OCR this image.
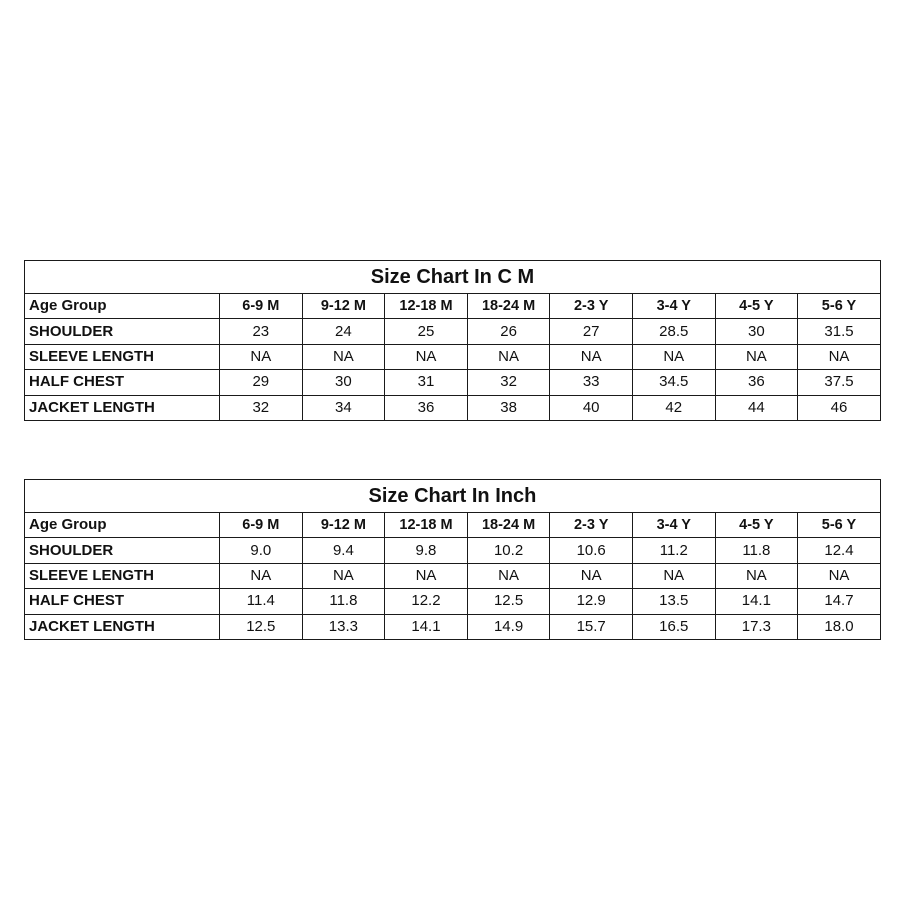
Size Chart In C M								
Age Group	6-9 M	9-12 M	12-18 M	18-24 M	2-3 Y	3-4 Y	4-5 Y	5-6 Y
SHOULDER	23	24	25	26	27	28.5	30	31.5
SLEEVE LENGTH	NA	NA	NA	NA	NA	NA	NA	NA
HALF CHEST	29	30	31	32	33	34.5	36	37.5
JACKET LENGTH	32	34	36	38	40	42	44	46
Size Chart In Inch								
Age Group	6-9 M	9-12 M	12-18 M	18-24 M	2-3 Y	3-4 Y	4-5 Y	5-6 Y
SHOULDER	9.0	9.4	9.8	10.2	10.6	11.2	11.8	12.4
SLEEVE LENGTH	NA	NA	NA	NA	NA	NA	NA	NA
HALF CHEST	11.4	11.8	12.2	12.5	12.9	13.5	14.1	14.7
JACKET LENGTH	12.5	13.3	14.1	14.9	15.7	16.5	17.3	18.0
